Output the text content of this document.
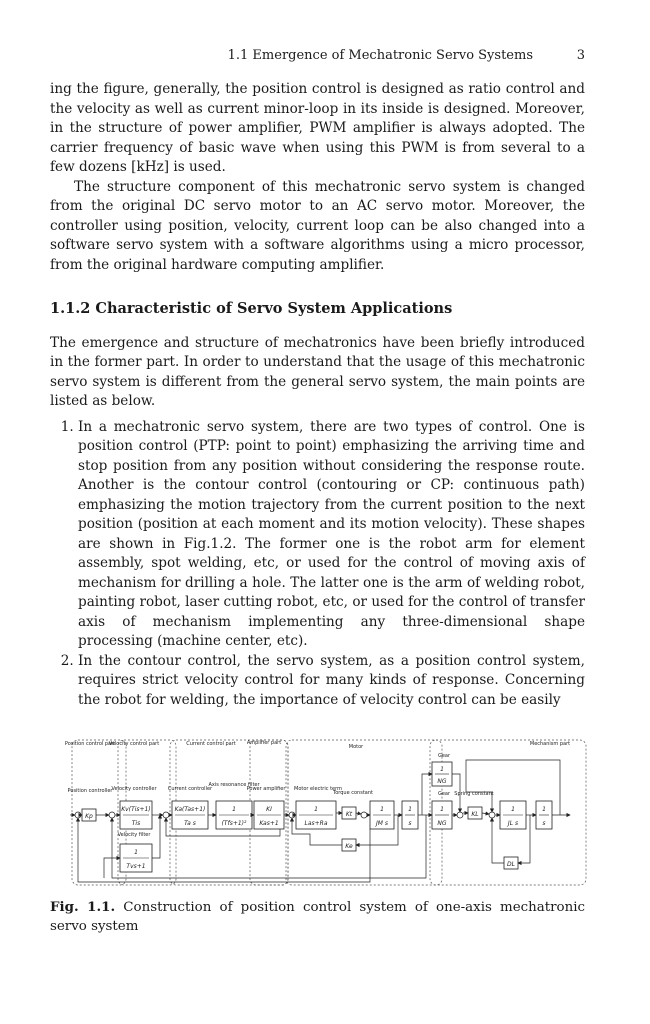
1.1 Emergence of Mechatronic Servo Systems	3

ing the figure, generally, the position control is designed as ratio control and the velocity as well as current minor-loop in its inside is designed. Moreover, in the structure of power amplifier, PWM amplifier is always adopted. The carrier frequency of basic wave when using this PWM is from several to a few dozens [kHz] is used.

The structure component of this mechatronic servo system is changed from the original DC servo motor to an AC servo motor. Moreover, the controller using position, velocity, current loop can be also changed into a software servo system with a software algorithms using a micro processor, from the original hardware computing amplifier.

1.1.2 Characteristic of Servo System Applications

The emergence and structure of mechatronics have been briefly introduced in the former part. In order to understand that the usage of this mechatronic servo system is different from the general servo system, the main points are listed as below.

1. In a mechatronic servo system, there are two types of control. One is position control (PTP: point to point) emphasizing the arriving time and stop position from any position without considering the response route. Another is the contour control (contouring or CP: continuous path) emphasizing the motion trajectory from the current position to the next position (position at each moment and its motion velocity). These shapes are shown in Fig.1.2. The former one is the robot arm for element assembly, spot welding, etc, or used for the control of moving axis of mechanism for drilling a hole. The latter one is the arm of welding robot, painting robot, laser cutting robot, etc, or used for the control of transfer axis of mechanism implementing any three-dimensional shape processing (machine center, etc).
2. In the contour control, the servo system, as a position control system, requires strict velocity control for many kinds of response. Concerning the robot for welding, the importance of velocity control can be easily
Position control part
Velocity control part	Current control part Amplifier part
Motor	Mechanism part
Position controller Velocity controller Current controller
Axis resonance filter
Power amplifier Motor electric term
Torque constant
Gear
Gear Spring constant
Velocity filter
Kp
Kv(Tis+1)
Tis
Ka(Tas+1)
Ta s
1
(Tfs+1)²
KI
Kas+1
1
Las+Ra
Kt
1
JM s
1
s
1
NG
1
NG
KL
1
JL s
1
s
Ke
DL
1
Tvs+1
Fig. 1.1. Construction of position control system of one-axis mechatronic servo system
